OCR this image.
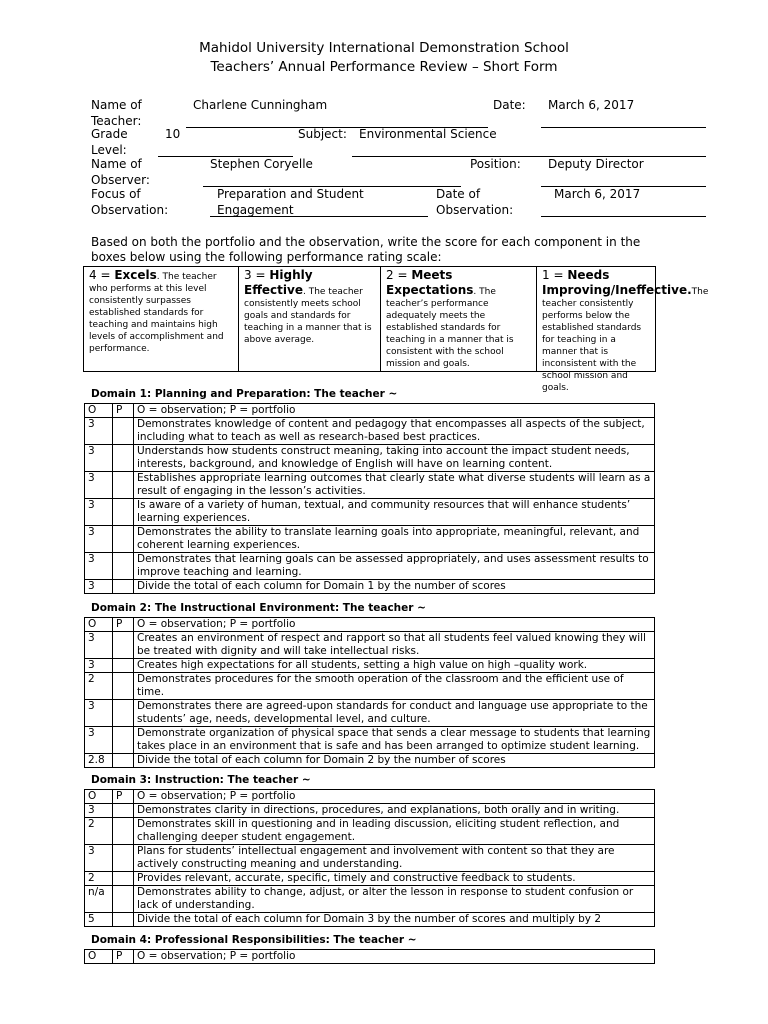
Mahidol University International Demonstration School
Teachers’ Annual Performance Review – Short Form
Name of
Teacher:
Charlene Cunningham	Date: March 6, 2017
Grade
Level:
10	Subject: Environmental Science
Name of
Observer:
Stephen Coryelle	Position: Deputy Director
Focus of
Observation:
Preparation and Student
Engagement
Date of
Observation:
March 6, 2017
Based on both the portfolio and the observation, write the score for each component in the boxes below using the following performance rating scale:
4 = Excels. The teacher who performs at this level consistently surpasses established standards for teaching and maintains high levels of accomplishment and performance.
3 = Highly Effective. The teacher consistently meets school goals and standards for teaching in a manner that is above average.
2 = Meets Expectations. The teacher’s performance adequately meets the established standards for teaching in a manner that is consistent with the school mission and goals.
1 = Needs Improving/Ineffective.The teacher consistently performs below the established standards for teaching in a manner that is inconsistent with the school mission and goals.
Domain 1: Planning and Preparation: The teacher ~
O	P	O = observation; P = portfolio
3		Demonstrates knowledge of content and pedagogy that encompasses all aspects of the subject, including what to teach as well as research-based best practices.
3		Understands how students construct meaning, taking into account the impact student needs, interests, background, and knowledge of English will have on learning content.
3		Establishes appropriate learning outcomes that clearly state what diverse students will learn as a result of engaging in the lesson’s activities.
3		Is aware of a variety of human, textual, and community resources that will enhance students’ learning experiences.
3		Demonstrates the ability to translate learning goals into appropriate, meaningful, relevant, and coherent learning experiences.
3		Demonstrates that learning goals can be assessed appropriately, and uses assessment results to improve teaching and learning.
3		Divide the total of each column for Domain 1 by the number of scores
Domain 2: The Instructional Environment: The teacher ~
O	P	O = observation; P = portfolio
3		Creates an environment of respect and rapport so that all students feel valued knowing they will be treated with dignity and will take intellectual risks.
3		Creates high expectations for all students, setting a high value on high –quality work.
2		Demonstrates procedures for the smooth operation of the classroom and the efficient use of time.
3		Demonstrates there are agreed-upon standards for conduct and language use appropriate to the students’ age, needs, developmental level, and culture.
3		Demonstrate organization of physical space that sends a clear message to students that learning takes place in an environment that is safe and has been arranged to optimize student learning.
2.8		Divide the total of each column for Domain 2 by the number of scores
Domain 3: Instruction: The teacher ~
O	P	O = observation; P = portfolio
3		Demonstrates clarity in directions, procedures, and explanations, both orally and in writing.
2		Demonstrates skill in questioning and in leading discussion, eliciting student reflection, and challenging deeper student engagement.
3		Plans for students’ intellectual engagement and involvement with content so that they are actively constructing meaning and understanding.
2		Provides relevant, accurate, specific, timely and constructive feedback to students.
n/a		Demonstrates ability to change, adjust, or alter the lesson in response to student confusion or lack of understanding.
5		Divide the total of each column for Domain 3 by the number of scores and multiply by 2
Domain 4: Professional Responsibilities: The teacher ~
O	P	O = observation; P = portfolio
